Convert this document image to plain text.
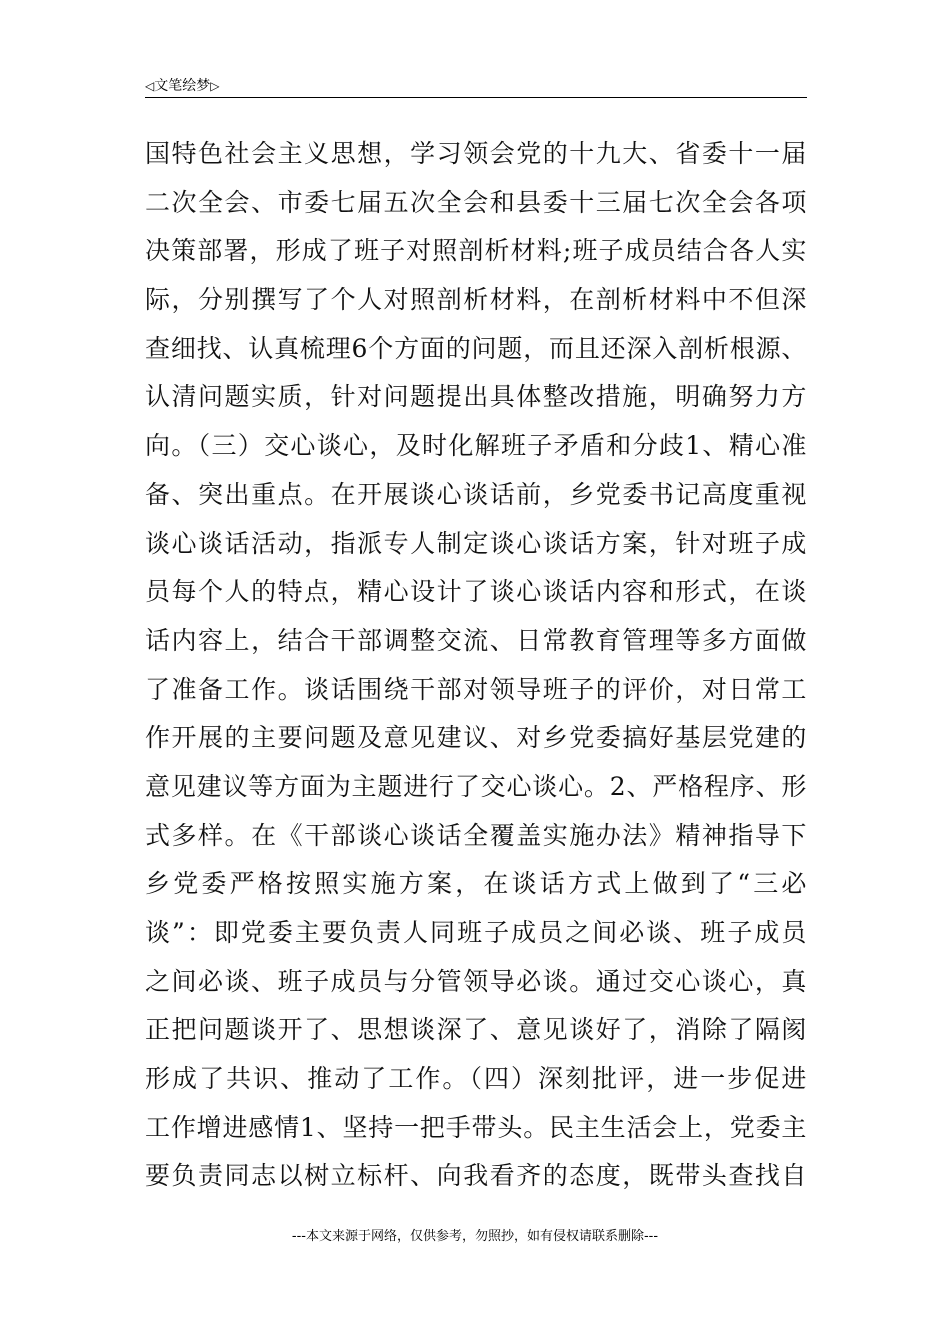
◁文笔绘梦▷
国特色社会主义思想，学习领会党的十九大、省委十一届
二次全会、市委七届五次全会和县委十三届七次全会各项
决策部署，形成了班子对照剖析材料;班子成员结合各人实
际，分别撰写了个人对照剖析材料，在剖析材料中不但深
查细找、认真梳理6个方面的问题，而且还深入剖析根源、
认清问题实质，针对问题提出具体整改措施，明确努力方
向。（三）交心谈心，及时化解班子矛盾和分歧1、精心准
备、突出重点。在开展谈心谈话前，乡党委书记高度重视
谈心谈话活动，指派专人制定谈心谈话方案，针对班子成
员每个人的特点，精心设计了谈心谈话内容和形式，在谈
话内容上，结合干部调整交流、日常教育管理等多方面做
了准备工作。谈话围绕干部对领导班子的评价，对日常工
作开展的主要问题及意见建议、对乡党委搞好基层党建的
意见建议等方面为主题进行了交心谈心。2、严格程序、形
式多样。在《干部谈心谈话全覆盖实施办法》精神指导下
乡党委严格按照实施方案，在谈话方式上做到了“三必
谈”：即党委主要负责人同班子成员之间必谈、班子成员
之间必谈、班子成员与分管领导必谈。通过交心谈心，真
正把问题谈开了、思想谈深了、意见谈好了，消除了隔阂
形成了共识、推动了工作。（四）深刻批评，进一步促进
工作增进感情1、坚持一把手带头。民主生活会上，党委主
要负责同志以树立标杆、向我看齐的态度，既带头查找自
---本文来源于网络，仅供参考，勿照抄，如有侵权请联系删除---
